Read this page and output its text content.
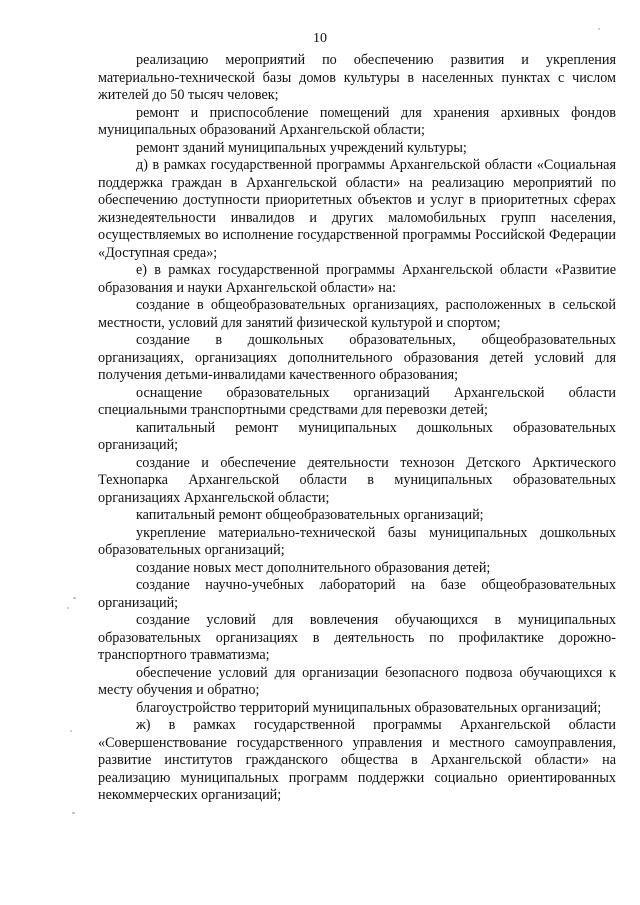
10

реализацию мероприятий по обеспечению развития и укрепления материально-технической базы домов культуры в населенных пунктах с числом жителей до 50 тысяч человек;

ремонт и приспособление помещений для хранения архивных фондов муниципальных образований Архангельской области;

ремонт зданий муниципальных учреждений культуры;

д) в рамках государственной программы Архангельской области «Социальная поддержка граждан в Архангельской области» на реализацию мероприятий по обеспечению доступности приоритетных объектов и услуг в приоритетных сферах жизнедеятельности инвалидов и других маломобильных групп населения, осуществляемых во исполнение государственной программы Российской Федерации «Доступная среда»;

е) в рамках государственной программы Архангельской области «Развитие образования и науки Архангельской области» на:

создание в общеобразовательных организациях, расположенных в сельской местности, условий для занятий физической культурой и спортом;

создание в дошкольных образовательных, общеобразовательных организациях, организациях дополнительного образования детей условий для получения детьми-инвалидами качественного образования;

оснащение образовательных организаций Архангельской области специальными транспортными средствами для перевозки детей;

капитальный ремонт муниципальных дошкольных образовательных организаций;

создание и обеспечение деятельности технозон Детского Арктического Технопарка Архангельской области в муниципальных образовательных организациях Архангельской области;

капитальный ремонт общеобразовательных организаций;

укрепление материально-технической базы муниципальных дошкольных образовательных организаций;

создание новых мест дополнительного образования детей;

создание научно-учебных лабораторий на базе общеобразовательных организаций;

создание условий для вовлечения обучающихся в муниципальных образовательных организациях в деятельность по профилактике дорожно-транспортного травматизма;

обеспечение условий для организации безопасного подвоза обучающихся к месту обучения и обратно;

благоустройство территорий муниципальных образовательных организаций;

ж) в рамках государственной программы Архангельской области «Совершенствование государственного управления и местного самоуправления, развитие институтов гражданского общества в Архангельской области» на реализацию муниципальных программ поддержки социально ориентированных некоммерческих организаций;
